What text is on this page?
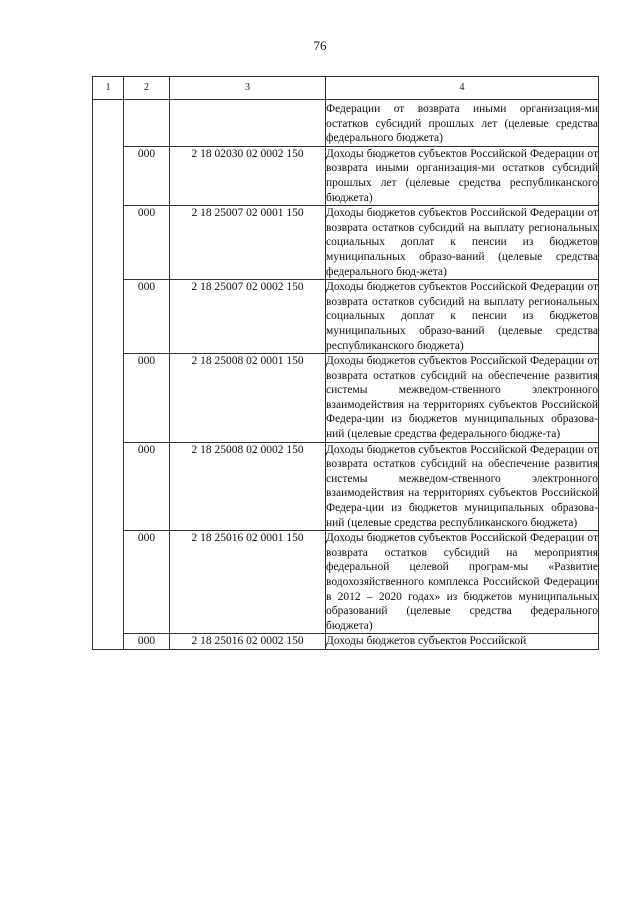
76
1	2	3	4
			Федерации от возврата иными организация-ми остатков субсидий прошлых лет (целевые средства федерального бюджета)
	000	2 18 02030 02 0002 150	Доходы бюджетов субъектов Российской Федерации от возврата иными организация-ми остатков субсидий прошлых лет (целевые средства республиканского бюджета)
	000	2 18 25007 02 0001 150	Доходы бюджетов субъектов Российской Федерации от возврата остатков субсидий на выплату региональных социальных доплат к пенсии из бюджетов муниципальных образо-ваний (целевые средства федерального бюд-жета)
	000	2 18 25007 02 0002 150	Доходы бюджетов субъектов Российской Федерации от возврата остатков субсидий на выплату региональных социальных доплат к пенсии из бюджетов муниципальных образо-ваний (целевые средства республиканского бюджета)
	000	2 18 25008 02 0001 150	Доходы бюджетов субъектов Российской Федерации от возврата остатков субсидий на обеспечение развития системы межведом-ственного электронного взаимодействия на территориях субъектов Российской Федера-ции из бюджетов муниципальных образова-ний (целевые средства федерального бюдже-та)
	000	2 18 25008 02 0002 150	Доходы бюджетов субъектов Российской Федерации от возврата остатков субсидий на обеспечение развития системы межведом-ственного электронного взаимодействия на территориях субъектов Российской Федера-ции из бюджетов муниципальных образова-ний (целевые средства республиканского бюджета)
	000	2 18 25016 02 0001 150	Доходы бюджетов субъектов Российской Федерации от возврата остатков субсидий на мероприятия федеральной целевой програм-мы «Развитие водохозяйственного комплекса Российской Федерации в 2012 – 2020 годах» из бюджетов муниципальных образований (целевые средства федерального бюджета)
	000	2 18 25016 02 0002 150	Доходы бюджетов субъектов Российской
